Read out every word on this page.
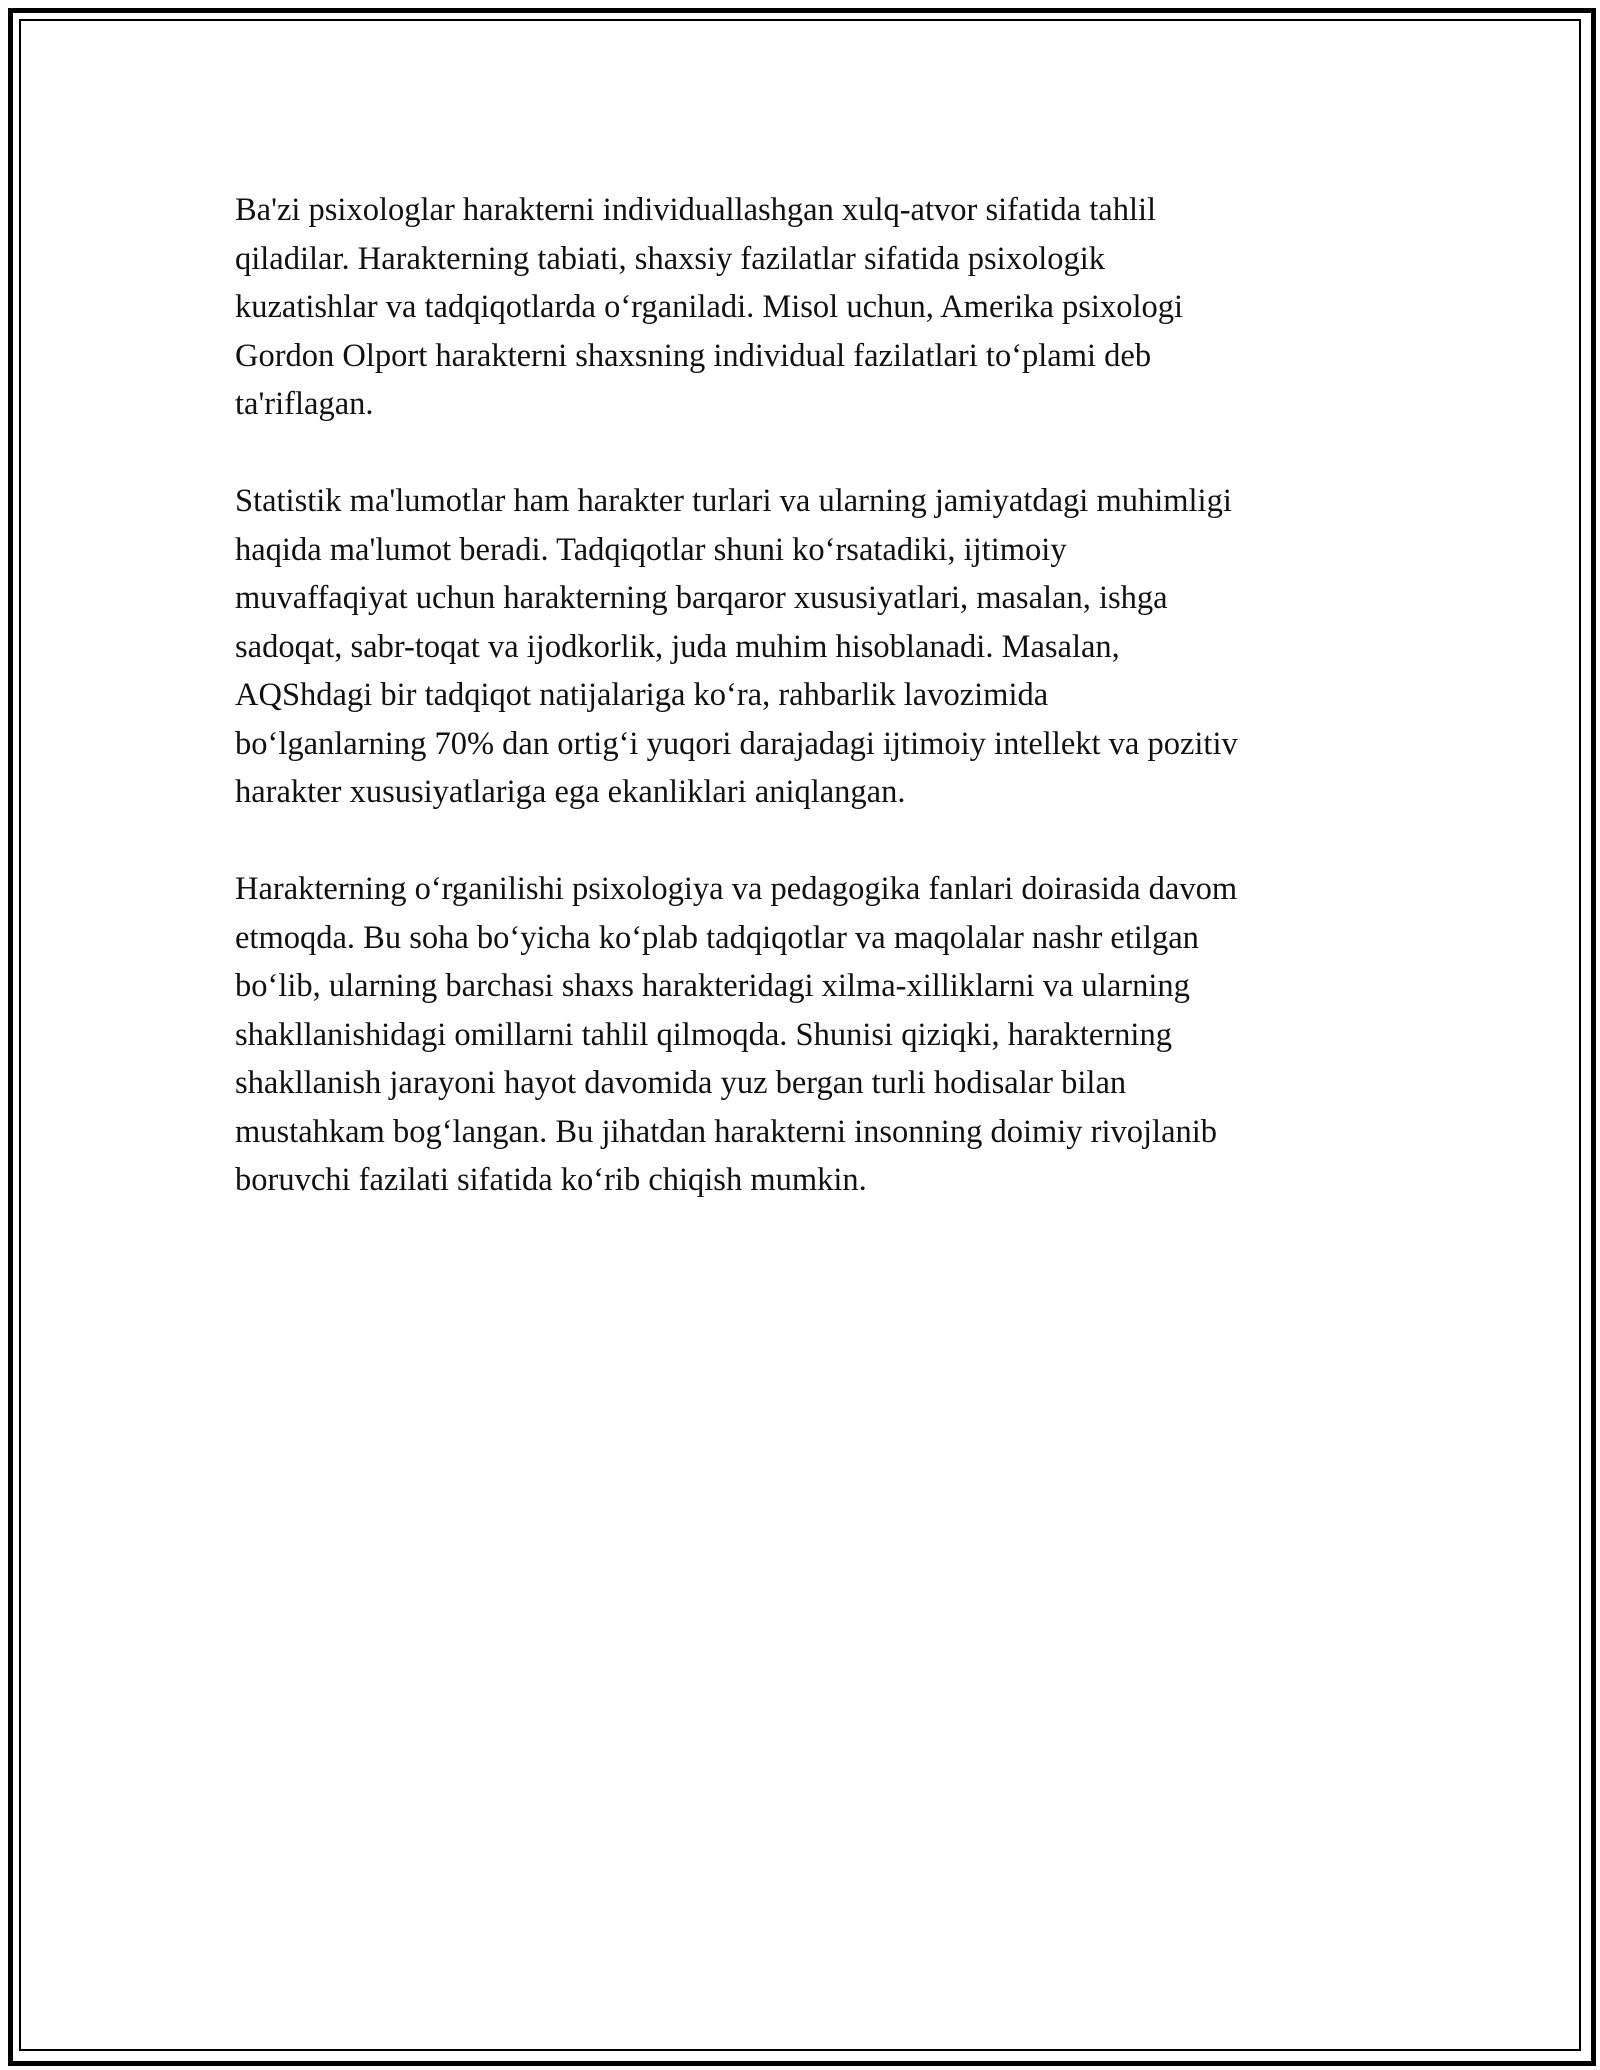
Ba'zi psixologlar harakterni individuallashgan xulq-atvor sifatida tahlil
qiladilar. Harakterning tabiati, shaxsiy fazilatlar sifatida psixologik
kuzatishlar va tadqiqotlarda oʻrganiladi. Misol uchun, Amerika psixologi
Gordon Olport harakterni shaxsning individual fazilatlari toʻplami deb
ta'riflagan.

Statistik ma'lumotlar ham harakter turlari va ularning jamiyatdagi muhimligi
haqida ma'lumot beradi. Tadqiqotlar shuni koʻrsatadiki, ijtimoiy
muvaffaqiyat uchun harakterning barqaror xususiyatlari, masalan, ishga
sadoqat, sabr-toqat va ijodkorlik, juda muhim hisoblanadi. Masalan,
AQShdagi bir tadqiqot natijalariga koʻra, rahbarlik lavozimida
boʻlganlarning 70% dan ortigʻi yuqori darajadagi ijtimoiy intellekt va pozitiv
harakter xususiyatlariga ega ekanliklari aniqlangan.

Harakterning oʻrganilishi psixologiya va pedagogika fanlari doirasida davom
etmoqda. Bu soha boʻyicha koʻplab tadqiqotlar va maqolalar nashr etilgan
boʻlib, ularning barchasi shaxs harakteridagi xilma-xilliklarni va ularning
shakllanishidagi omillarni tahlil qilmoqda. Shunisi qiziqki, harakterning
shakllanish jarayoni hayot davomida yuz bergan turli hodisalar bilan
mustahkam bogʻlangan. Bu jihatdan harakterni insonning doimiy rivojlanib
boruvchi fazilati sifatida koʻrib chiqish mumkin.
